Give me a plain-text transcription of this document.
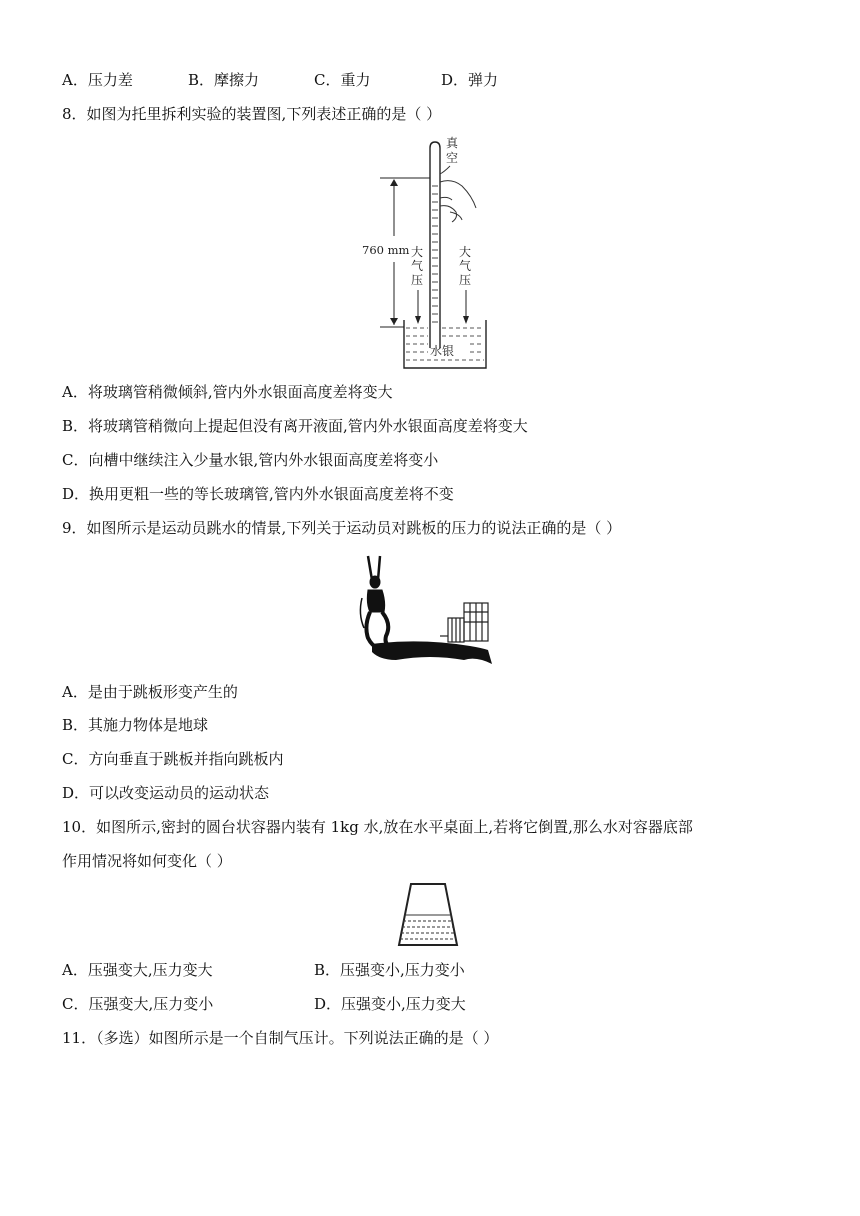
A．压力差	B．摩擦力	C．重力	D．弹力
8．如图为托里拆利实验的装置图,下列表述正确的是（ ）
真
空
760 mm 大
气
压
大
气
压
水银
A．将玻璃管稍微倾斜,管内外水银面高度差将变大
B．将玻璃管稍微向上提起但没有离开液面,管内外水银面高度差将变大
C．向槽中继续注入少量水银,管内外水银面高度差将变小
D．换用更粗一些的等长玻璃管,管内外水银面高度差将不变
9．如图所示是运动员跳水的情景,下列关于运动员对跳板的压力的说法正确的是（ ）
A．是由于跳板形变产生的
B．其施力物体是地球
C．方向垂直于跳板并指向跳板内
D．可以改变运动员的运动状态
10．如图所示,密封的圆台状容器内装有 1kg 水,放在水平桌面上,若将它倒置,那么水对容器底部
作用情况将如何变化（ ）
A．压强变大,压力变大	B．压强变小,压力变小
C．压强变大,压力变小	D．压强变小,压力变大
11．（多选）如图所示是一个自制气压计。下列说法正确的是（ ）
